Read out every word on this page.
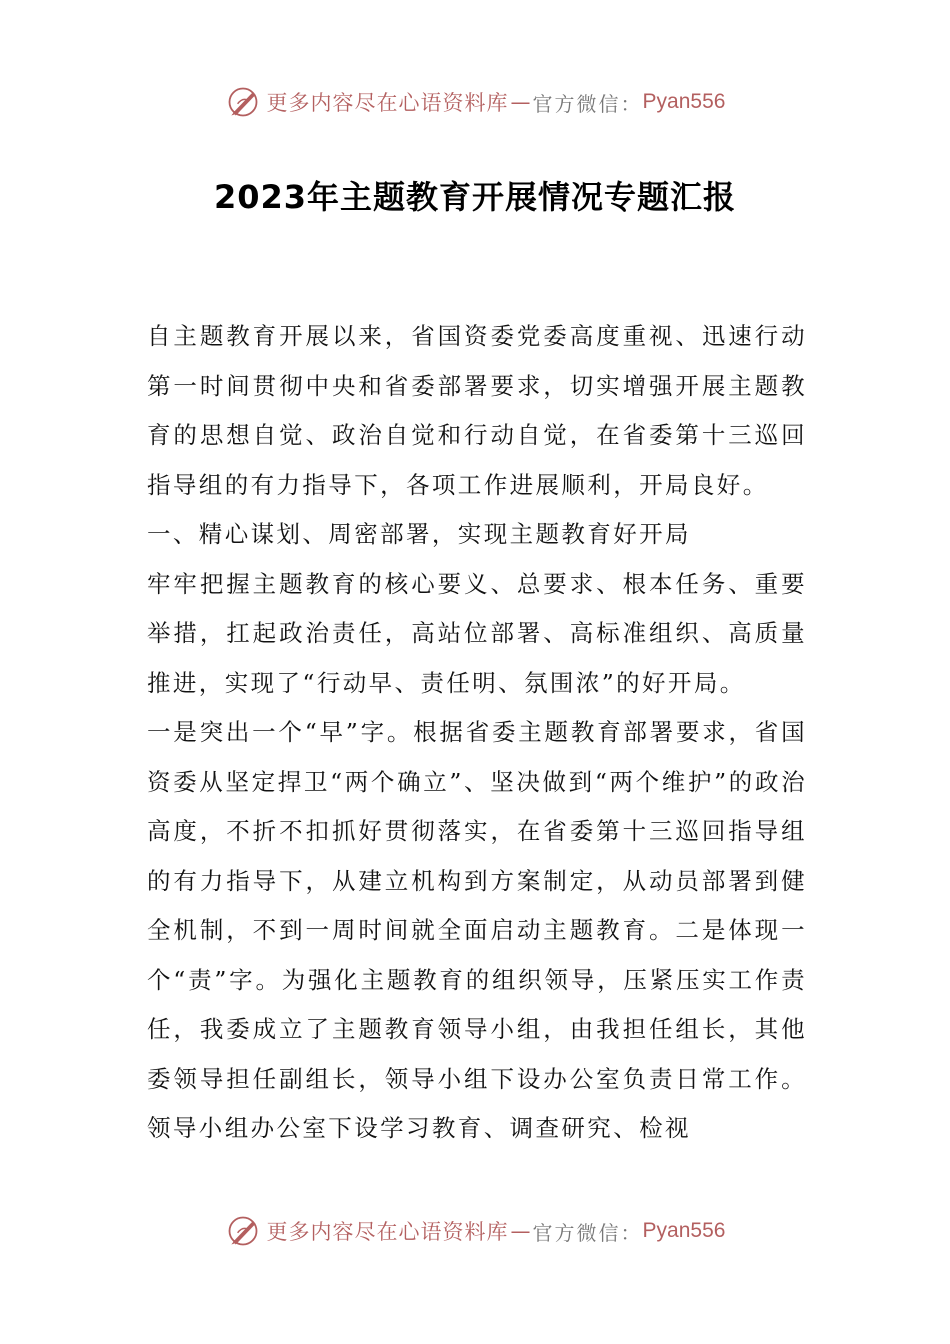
更多内容尽在心语资料库 — 官方微信： Pyan556
2023年主题教育开展情况专题汇报

自主题教育开展以来，省国资委党委高度重视、迅速行动第一时间贯彻中央和省委部署要求，切实增强开展主题教育的思想自觉、政治自觉和行动自觉，在省委第十三巡回指导组的有力指导下，各项工作进展顺利，开局良好。

一、精心谋划、周密部署，实现主题教育好开局

牢牢把握主题教育的核心要义、总要求、根本任务、重要举措，扛起政治责任，高站位部署、高标准组织、高质量推进，实现了“行动早、责任明、氛围浓”的好开局。

一是突出一个“早”字。根据省委主题教育部署要求，省国资委从坚定捍卫“两个确立”、坚决做到“两个维护”的政治高度，不折不扣抓好贯彻落实，在省委第十三巡回指导组的有力指导下，从建立机构到方案制定，从动员部署到健全机制，不到一周时间就全面启动主题教育。二是体现一个“责”字。为强化主题教育的组织领导，压紧压实工作责任，我委成立了主题教育领导小组，由我担任组长，其他委领导担任副组长，领导小组下设办公室负责日常工作。领导小组办公室下设学习教育、调查研究、检视

更多内容尽在心语资料库 — 官方微信： Pyan556
